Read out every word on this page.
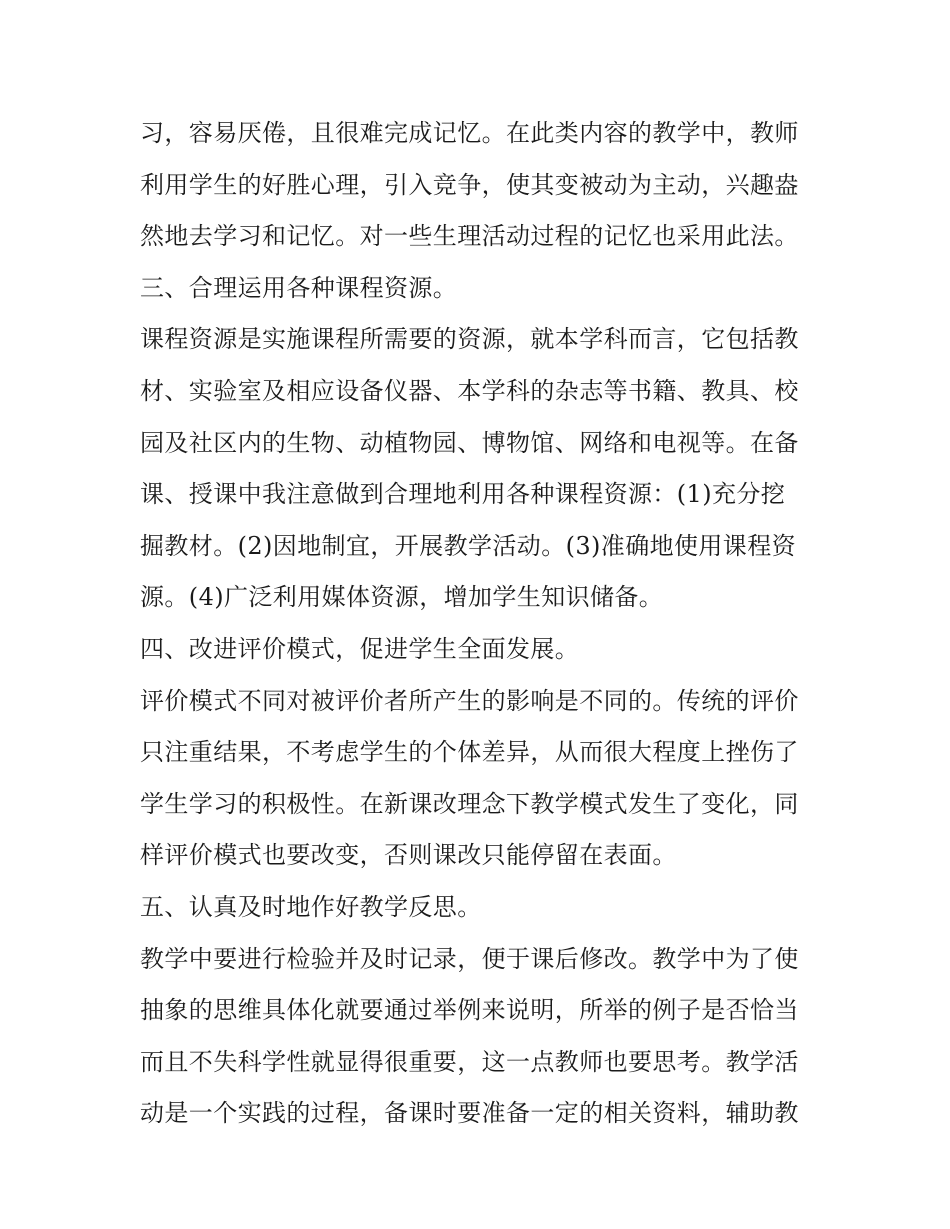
习，容易厌倦，且很难完成记忆。在此类内容的教学中，教师
利用学生的好胜心理，引入竞争，使其变被动为主动，兴趣盎
然地去学习和记忆。对一些生理活动过程的记忆也采用此法。
三、合理运用各种课程资源。
课程资源是实施课程所需要的资源，就本学科而言，它包括教
材、实验室及相应设备仪器、本学科的杂志等书籍、教具、校
园及社区内的生物、动植物园、博物馆、网络和电视等。在备
课、授课中我注意做到合理地利用各种课程资源：(1)充分挖
掘教材。(2)因地制宜，开展教学活动。(3)准确地使用课程资
源。(4)广泛利用媒体资源，增加学生知识储备。
四、改进评价模式，促进学生全面发展。
评价模式不同对被评价者所产生的影响是不同的。传统的评价
只注重结果，不考虑学生的个体差异，从而很大程度上挫伤了
学生学习的积极性。在新课改理念下教学模式发生了变化，同
样评价模式也要改变，否则课改只能停留在表面。
五、认真及时地作好教学反思。
教学中要进行检验并及时记录，便于课后修改。教学中为了使
抽象的思维具体化就要通过举例来说明，所举的例子是否恰当
而且不失科学性就显得很重要，这一点教师也要思考。教学活
动是一个实践的过程，备课时要准备一定的相关资料，辅助教
